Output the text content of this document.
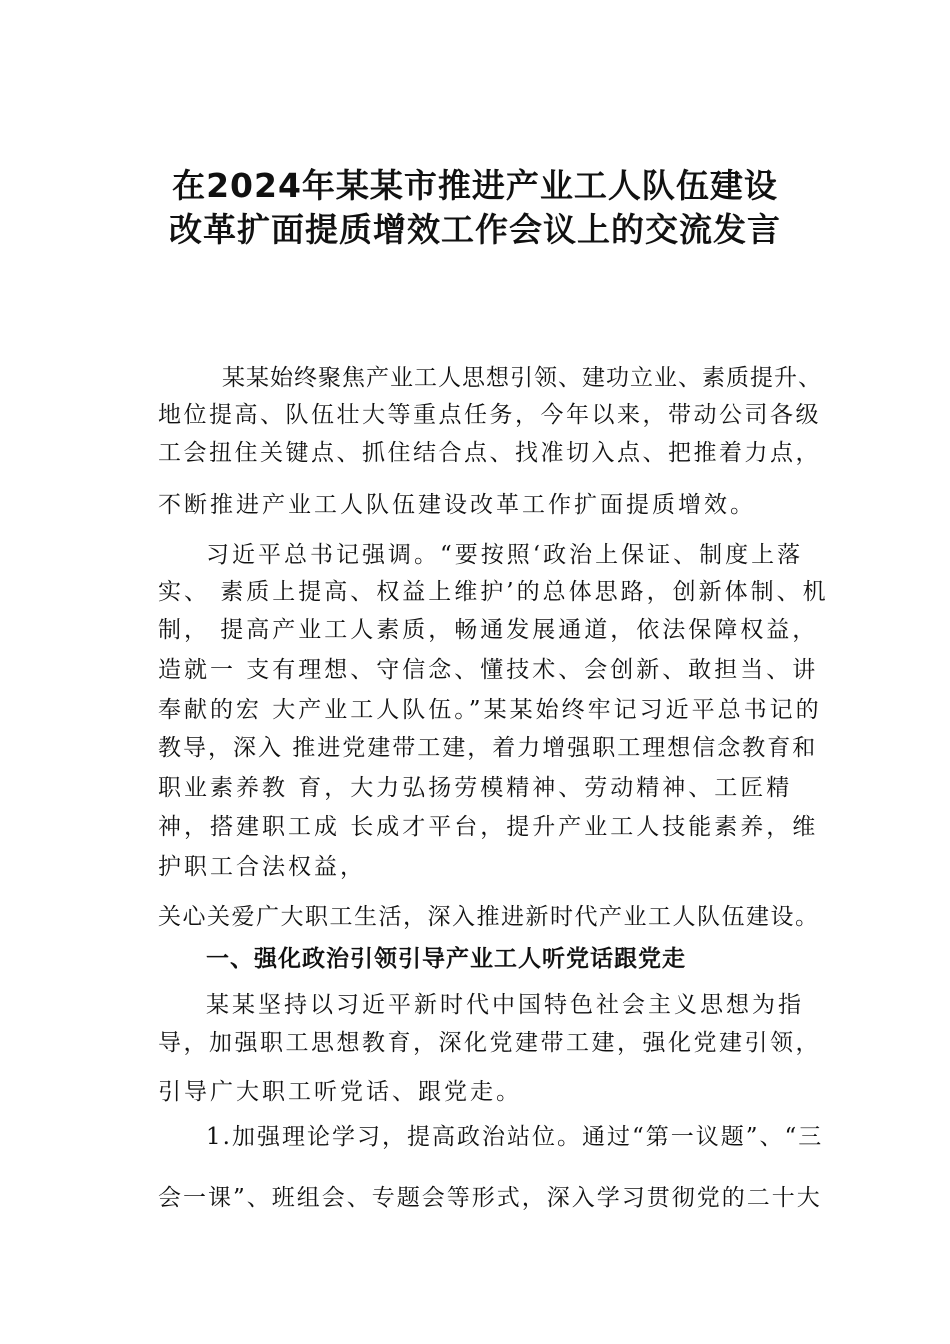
在2024年某某市推进产业工人队伍建设
改革扩面提质增效工作会议上的交流发言
某某始终聚焦产业工人思想引领、建功立业、素质提升、
地位提高、队伍壮大等重点任务，今年以来，带动公司各级
工会扭住关键点、抓住结合点、找准切入点、把推着力点，
不断推进产业工人队伍建设改革工作扩面提质增效。
习近平总书记强调。“要按照‘政治上保证、制度上落
实、 素质上提高、权益上维护’的总体思路，创新体制、机
制， 提高产业工人素质，畅通发展通道，依法保障权益，
造就一 支有理想、守信念、懂技术、会创新、敢担当、讲
奉献的宏 大产业工人队伍。”某某始终牢记习近平总书记的
教导，深入 推进党建带工建，着力增强职工理想信念教育和
职业素养教 育，大力弘扬劳模精神、劳动精神、工匠精
神，搭建职工成 长成才平台，提升产业工人技能素养，维
护职工合法权益，
关心关爱广大职工生活，深入推进新时代产业工人队伍建设。
一、强化政治引领引导产业工人听党话跟党走
某某坚持以习近平新时代中国特色社会主义思想为指
导，加强职工思想教育，深化党建带工建，强化党建引领，
引导广大职工听党话、跟党走。
1.加强理论学习，提高政治站位。通过“第一议题”、“三
会一课”、班组会、专题会等形式，深入学习贯彻党的二十大
